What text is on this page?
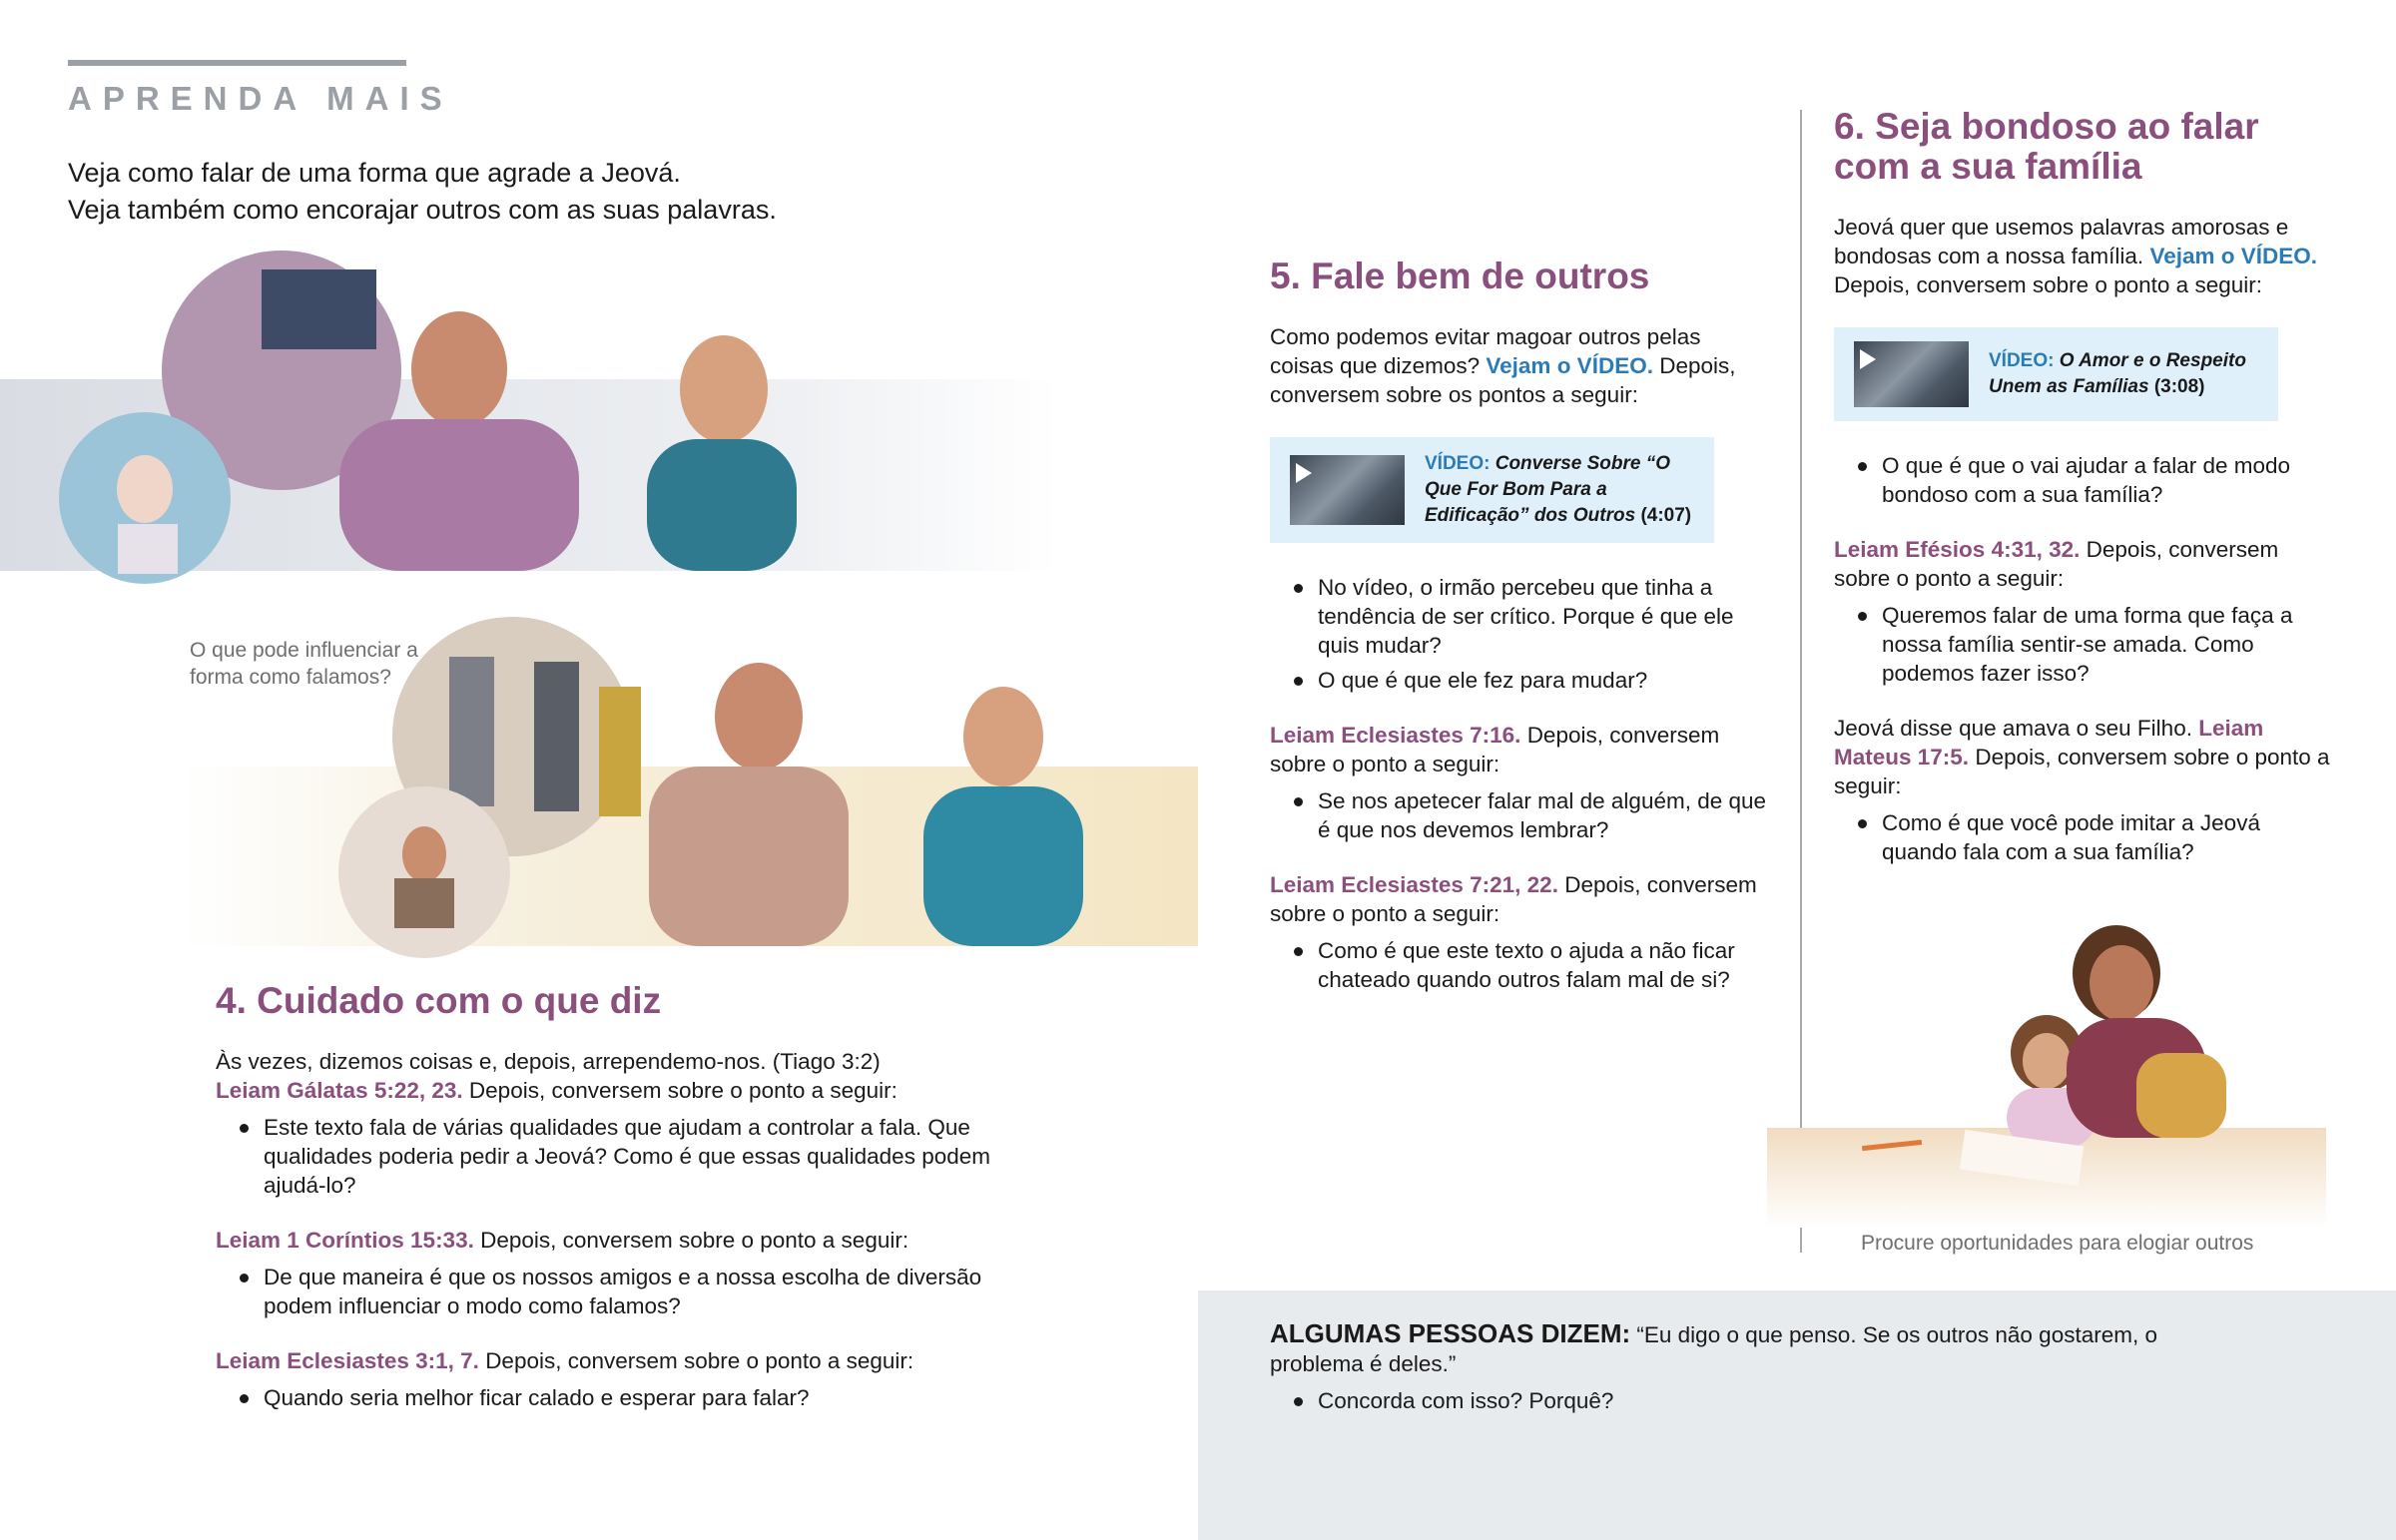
APRENDA MAIS
Veja como falar de uma forma que agrade a Jeová.
Veja também como encorajar outros com as suas palavras.
O que pode influenciar a
forma como falamos?
4. Cuidado com o que diz

Às vezes, dizemos coisas e, depois, arrependemo-nos. (Tiago 3:2)
Leiam Gálatas 5:22, 23. Depois, conversem sobre o ponto a seguir:

Este texto fala de várias qualidades que ajudam a controlar a fala. Que qualidades poderia pedir a Jeová? Como é que essas qualidades podem ajudá-lo?

Leiam 1 Coríntios 15:33. Depois, conversem sobre o ponto a seguir:

De que maneira é que os nossos amigos e a nossa escolha de diversão podem influenciar o modo como falamos?

Leiam Eclesiastes 3:1, 7. Depois, conversem sobre o ponto a seguir:

Quando seria melhor ficar calado e esperar para falar?
5. Fale bem de outros

Como podemos evitar magoar outros pelas coisas que dizemos? Vejam o VÍDEO. Depois, conversem sobre os pontos a seguir:

VÍDEO: Converse Sobre “O Que For Bom Para a Edificação” dos Outros (4:07)
No vídeo, o irmão percebeu que tinha a tendência de ser crítico. Porque é que ele quis mudar?
O que é que ele fez para mudar?

Leiam Eclesiastes 7:16. Depois, conversem sobre o ponto a seguir:

Se nos apetecer falar mal de alguém, de que é que nos devemos lembrar?

Leiam Eclesiastes 7:21, 22. Depois, conversem sobre o ponto a seguir:

Como é que este texto o ajuda a não ficar chateado quando outros falam mal de si?
6. Seja bondoso ao falar
com a sua família

Jeová quer que usemos palavras amorosas e bondosas com a nossa família. Vejam o VÍDEO. Depois, conversem sobre o ponto a seguir:

VÍDEO: O Amor e o Respeito Unem as Famílias (3:08)
O que é que o vai ajudar a falar de modo bondoso com a sua família?

Leiam Efésios 4:31, 32. Depois, conversem sobre o ponto a seguir:

Queremos falar de uma forma que faça a nossa família sentir-se amada. Como podemos fazer isso?

Jeová disse que amava o seu Filho. Leiam Mateus 17:5. Depois, conversem sobre o ponto a seguir:

Como é que você pode imitar a Jeová quando fala com a sua família?
Procure oportunidades para elogiar outros

ALGUMAS PESSOAS DIZEM: “Eu digo o que penso. Se os outros não gostarem, o problema é deles.”

Concorda com isso? Porquê?
